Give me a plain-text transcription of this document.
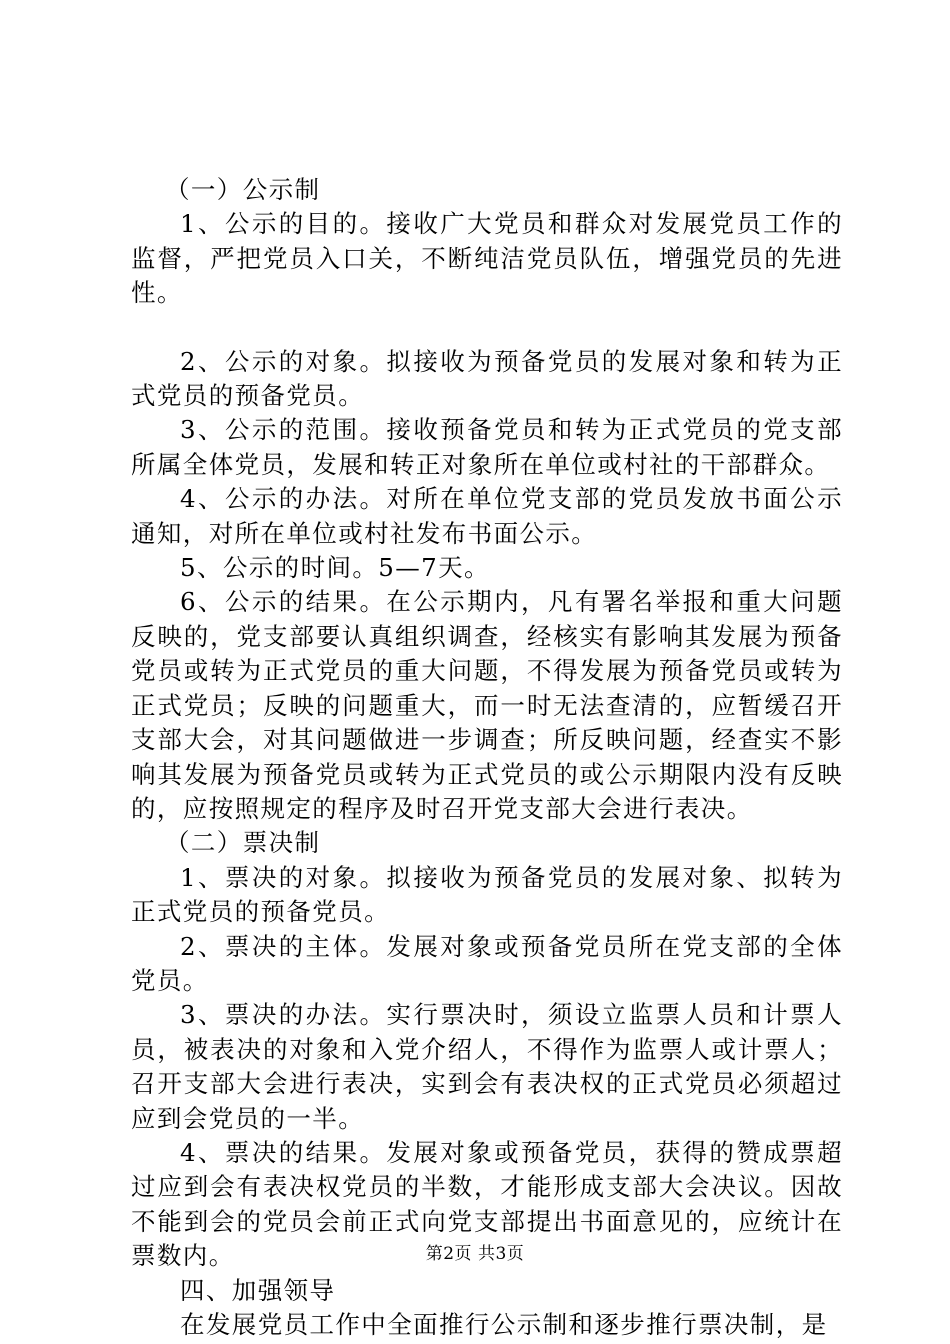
（一）公示制

1、公示的目的。接收广大党员和群众对发展党员工作的监督，严把党员入口关，不断纯洁党员队伍，增强党员的先进性。

2、公示的对象。拟接收为预备党员的发展对象和转为正式党员的预备党员。

3、公示的范围。接收预备党员和转为正式党员的党支部所属全体党员，发展和转正对象所在单位或村社的干部群众。

4、公示的办法。对所在单位党支部的党员发放书面公示通知，对所在单位或村社发布书面公示。

5、公示的时间。5—7天。

6、公示的结果。在公示期内，凡有署名举报和重大问题反映的，党支部要认真组织调查，经核实有影响其发展为预备党员或转为正式党员的重大问题，不得发展为预备党员或转为正式党员；反映的问题重大，而一时无法查清的，应暂缓召开支部大会，对其问题做进一步调查；所反映问题，经查实不影响其发展为预备党员或转为正式党员的或公示期限内没有反映的，应按照规定的程序及时召开党支部大会进行表决。

（二）票决制

1、票决的对象。拟接收为预备党员的发展对象、拟转为正式党员的预备党员。

2、票决的主体。发展对象或预备党员所在党支部的全体党员。

3、票决的办法。实行票决时，须设立监票人员和计票人员，被表决的对象和入党介绍人，不得作为监票人或计票人；召开支部大会进行表决，实到会有表决权的正式党员必须超过应到会党员的一半。

4、票决的结果。发展对象或预备党员，获得的赞成票超过应到会有表决权党员的半数，才能形成支部大会决议。因故不能到会的党员会前正式向党支部提出书面意见的，应统计在票数内。

四、加强领导

在发展党员工作中全面推行公示制和逐步推行票决制，是

第2页 共3页
